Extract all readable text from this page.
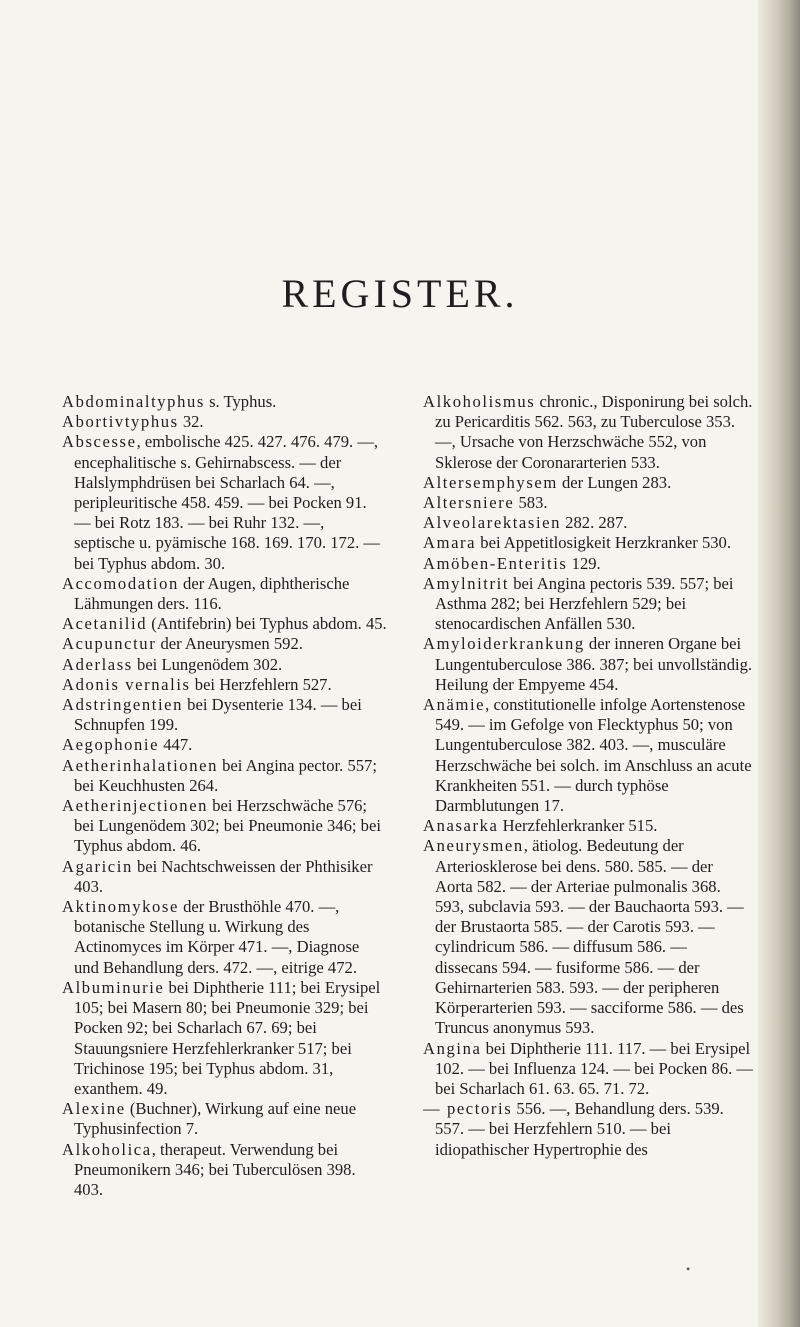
REGISTER.

Abdominaltyphus s. Typhus.

Abortivtyphus 32.

Abscesse, embolische 425. 427. 476. 479. —, encephalitische s. Gehirnabscess. — der Halslymphdrüsen bei Scharlach 64. —, peripleuritische 458. 459. — bei Pocken 91. — bei Rotz 183. — bei Ruhr 132. —, septische u. pyämische 168. 169. 170. 172. — bei Typhus abdom. 30.

Accomodation der Augen, diphtherische Lähmungen ders. 116.

Acetanilid (Antifebrin) bei Typhus abdom. 45.

Acupunctur der Aneurysmen 592.

Aderlass bei Lungenödem 302.

Adonis vernalis bei Herzfehlern 527.

Adstringentien bei Dysenterie 134. — bei Schnupfen 199.

Aegophonie 447.

Aetherinhalationen bei Angina pector. 557; bei Keuchhusten 264.

Aetherinjectionen bei Herzschwäche 576; bei Lungenödem 302; bei Pneumonie 346; bei Typhus abdom. 46.

Agaricin bei Nachtschweissen der Phthisiker 403.

Aktinomykose der Brusthöhle 470. —, botanische Stellung u. Wirkung des Actinomyces im Körper 471. —, Diagnose und Behandlung ders. 472. —, eitrige 472.

Albuminurie bei Diphtherie 111; bei Erysipel 105; bei Masern 80; bei Pneumonie 329; bei Pocken 92; bei Scharlach 67. 69; bei Stauungsniere Herzfehlerkranker 517; bei Trichinose 195; bei Typhus abdom. 31, exanthem. 49.

Alexine (Buchner), Wirkung auf eine neue Typhusinfection 7.

Alkoholica, therapeut. Verwendung bei Pneumonikern 346; bei Tuberculösen 398. 403.

Alkoholismus chronic., Disponirung bei solch. zu Pericarditis 562. 563, zu Tuberculose 353. —, Ursache von Herzschwäche 552, von Sklerose der Coronararterien 533.

Altersemphysem der Lungen 283.

Altersniere 583.

Alveolarektasien 282. 287.

Amara bei Appetitlosigkeit Herzkranker 530.

Amöben-Enteritis 129.

Amylnitrit bei Angina pectoris 539. 557; bei Asthma 282; bei Herzfehlern 529; bei stenocardischen Anfällen 530.

Amyloiderkrankung der inneren Organe bei Lungentuberculose 386. 387; bei unvollständig. Heilung der Empyeme 454.

Anämie, constitutionelle infolge Aortenstenose 549. — im Gefolge von Flecktyphus 50; von Lungentuberculose 382. 403. —, musculäre Herzschwäche bei solch. im Anschluss an acute Krankheiten 551. — durch typhöse Darmblutungen 17.

Anasarka Herzfehlerkranker 515.

Aneurysmen, ätiolog. Bedeutung der Arteriosklerose bei dens. 580. 585. — der Aorta 582. — der Arteriae pulmonalis 368. 593, subclavia 593. — der Bauchaorta 593. — der Brustaorta 585. — der Carotis 593. — cylindricum 586. — diffusum 586. — dissecans 594. — fusiforme 586. — der Gehirnarterien 583. 593. — der peripheren Körperarterien 593. — sacciforme 586. — des Truncus anonymus 593.

Angina bei Diphtherie 111. 117. — bei Erysipel 102. — bei Influenza 124. — bei Pocken 86. — bei Scharlach 61. 63. 65. 71. 72.

— pectoris 556. —, Behandlung ders. 539. 557. — bei Herzfehlern 510. — bei idiopathischer Hypertrophie des

•
